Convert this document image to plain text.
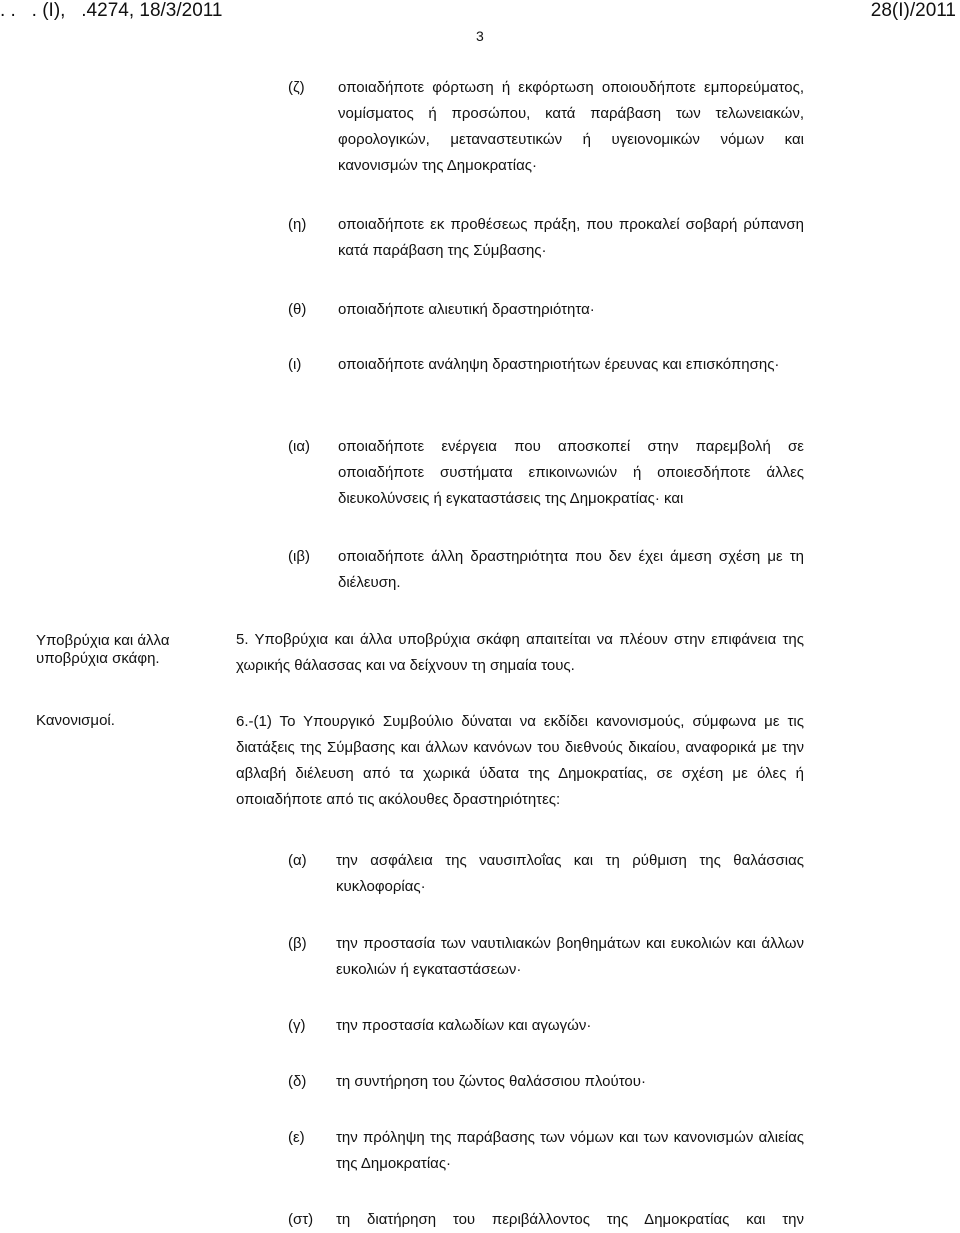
. .   . (Ι),   .4274, 18/3/2011	28(Ι)/2011
3
(ζ) οποιαδήποτε φόρτωση ή εκφόρτωση οποιουδήποτε εμπορεύματος, νομίσματος ή προσώπου, κατά παράβαση των τελωνειακών, φορολογικών, μεταναστευτικών ή υγειονομικών νόμων και κανονισμών της Δημοκρατίας·
(η) οποιαδήποτε εκ προθέσεως πράξη, που προκαλεί σοβαρή ρύπανση κατά παράβαση της Σύμβασης·
(θ) οποιαδήποτε αλιευτική δραστηριότητα·
(ι) οποιαδήποτε ανάληψη δραστηριοτήτων έρευνας και επισκόπησης·
(ια) οποιαδήποτε ενέργεια που αποσκοπεί στην παρεμβολή σε οποιαδήποτε συστήματα επικοινωνιών ή οποιεσδήποτε άλλες διευκολύνσεις ή εγκαταστάσεις της Δημοκρατίας· και
(ιβ) οποιαδήποτε άλλη δραστηριότητα που δεν έχει άμεση σχέση με τη διέλευση.
Υποβρύχια και άλλα υποβρύχια σκάφη.
5. Υποβρύχια και άλλα υποβρύχια σκάφη απαιτείται να πλέουν στην επιφάνεια της χωρικής θάλασσας και να δείχνουν τη σημαία τους.
Κανονισμοί.	6.-(1) Το Υπουργικό Συμβούλιο δύναται να εκδίδει κανονισμούς, σύμφωνα με τις διατάξεις της Σύμβασης και άλλων κανόνων του διεθνούς δικαίου, αναφορικά με την αβλαβή διέλευση από τα χωρικά ύδατα της Δημοκρατίας, σε σχέση με όλες ή οποιαδήποτε από τις ακόλουθες δραστηριότητες:
(α) την ασφάλεια της ναυσιπλοΐας και τη ρύθμιση της θαλάσσιας κυκλοφορίας·
(β) την προστασία των ναυτιλιακών βοηθημάτων και ευκολιών και άλλων ευκολιών ή εγκαταστάσεων·
(γ) την προστασία καλωδίων και αγωγών·
(δ) τη συντήρηση του ζώντος θαλάσσιου πλούτου·
(ε) την πρόληψη της παράβασης των νόμων και των κανονισμών αλιείας της Δημοκρατίας·
(στ) τη διατήρηση του περιβάλλοντος της Δημοκρατίας και την
